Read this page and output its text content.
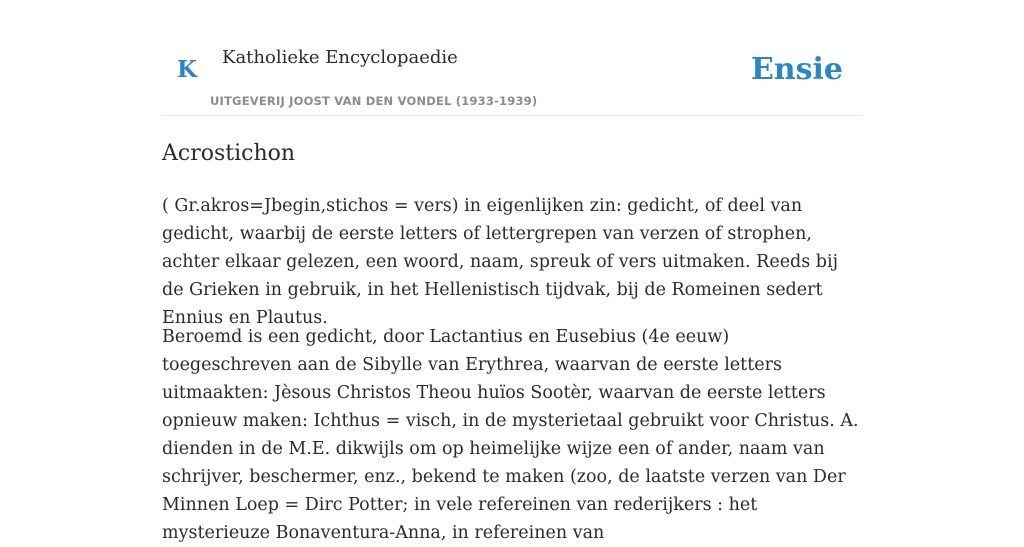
K Katholieke Encyclopaedie	Ensie
UITGEVERIJ JOOST VAN DEN VONDEL (1933-1939)
Acrostichon

( Gr.akros=Jbegin,stichos = vers) in eigenlijken zin: gedicht, of deel van gedicht, waarbij de eerste letters of lettergrepen van verzen of strophen, achter elkaar gelezen, een woord, naam, spreuk of vers uitmaken. Reeds bij de Grieken in gebruik, in het Hellenistisch tijdvak, bij de Romeinen sedert Ennius en Plautus.

Beroemd is een gedicht, door Lactantius en Eusebius (4e eeuw) toegeschreven aan de Sibylle van Erythrea, waarvan de eerste letters uitmaakten: Jèsous Christos Theou huïos Sootèr, waarvan de eerste letters opnieuw maken: Ichthus = visch, in de mysterietaal gebruikt voor Christus. A. dienden in de M.E. dikwijls om op heimelijke wijze een of ander, naam van schrijver, beschermer, enz., bekend te maken (zoo, de laatste verzen van Der Minnen Loep = Dirc Potter; in vele refereinen van rederijkers : het mysterieuze Bonaventura-Anna, in refereinen van
